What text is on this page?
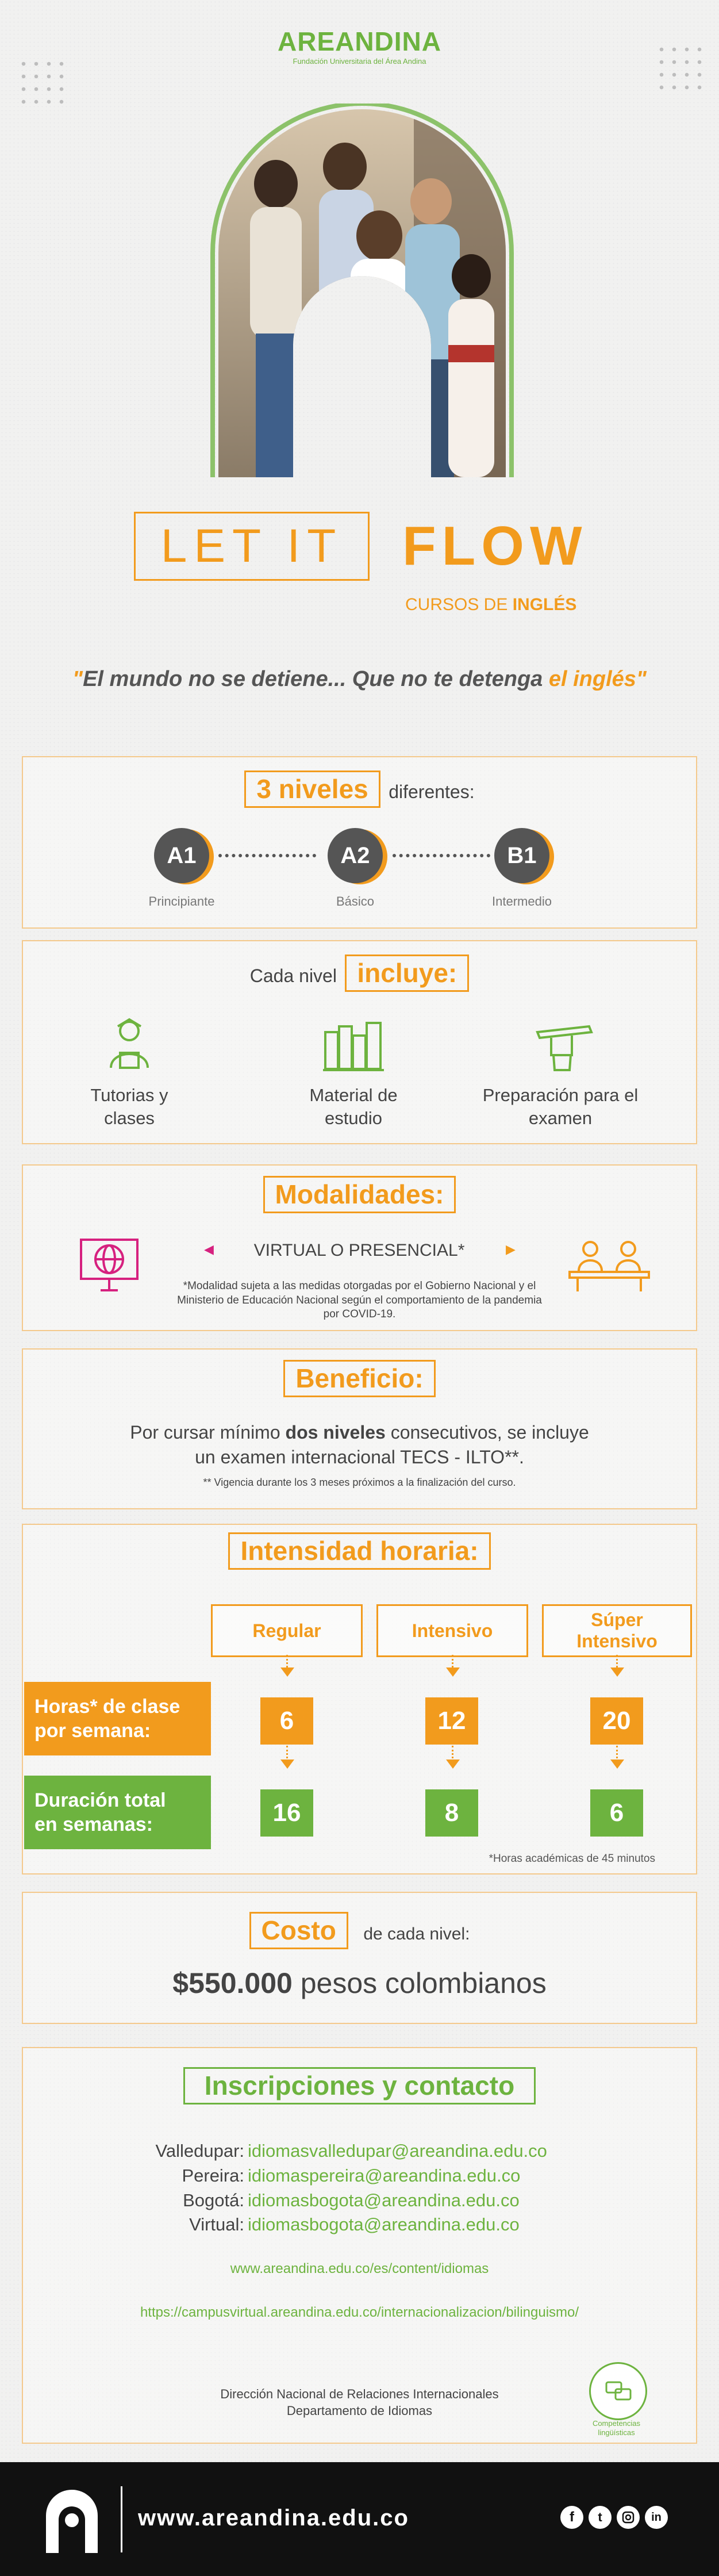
AREANDINA
Fundación Universitaria del Área Andina
LET IT FLOW
CURSOS DE INGLÉS
"El mundo no se detiene... Que no te detenga el inglés"
3 niveles diferentes:
A1	A2	B1
Principiante	Básico	Intermedio
Cada nivel incluye:
Tutorias y
clases
Material de
estudio
Preparación para el
examen
Modalidades:
◀	VIRTUAL O PRESENCIAL*	▶
*Modalidad sujeta a las medidas otorgadas por el Gobierno Nacional y el
Ministerio de Educación Nacional según el comportamiento de la pandemia
por COVID-19.
Beneficio:
Por cursar mínimo dos niveles consecutivos, se incluye
un examen internacional TECS - ILTO**.
** Vigencia durante los 3 meses próximos a la finalización del curso.
Intensidad horaria:
Regular	Intensivo
Súper
Intensivo
Horas* de clase
por semana:	6	12	20
Duración total
en semanas:	16	8	6
*Horas académicas de 45 minutos
Costo de cada nivel:
$550.000 pesos colombianos
Inscripciones y contacto
Valledupar: idiomasvalledupar@areandina.edu.co
Pereira: idiomaspereira@areandina.edu.co
Bogotá: idiomasbogota@areandina.edu.co
Virtual: idiomasbogota@areandina.edu.co
www.areandina.edu.co/es/content/idiomas
https://campusvirtual.areandina.edu.co/internacionalizacion/bilinguismo/
Dirección Nacional de Relaciones Internacionales
Departamento de Idiomas
Competencias
lingüísticas
www.areandina.edu.co	f	t	in
